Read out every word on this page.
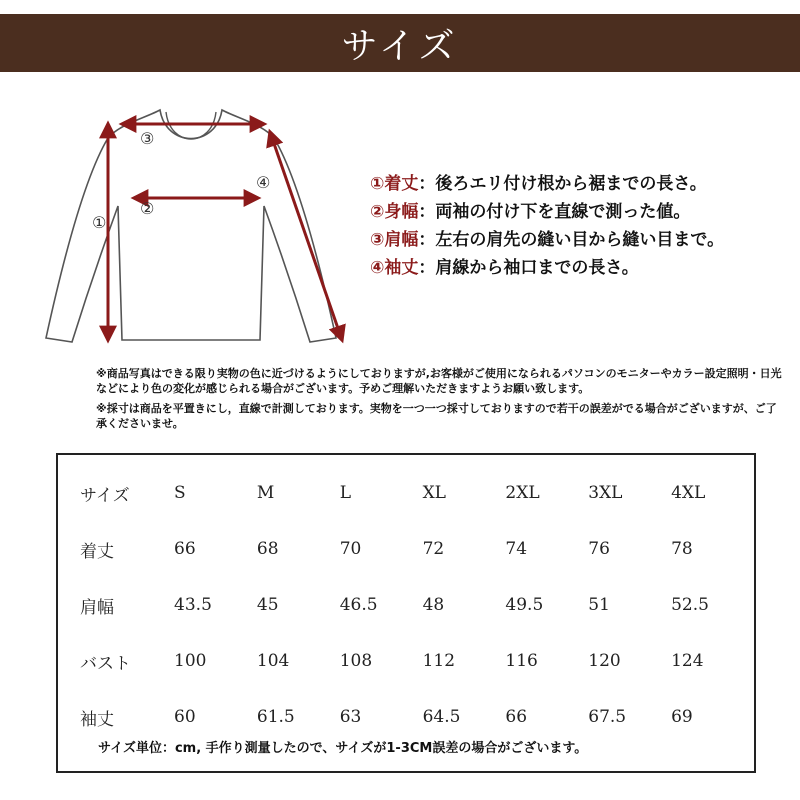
サイズ
①
②
③
④	①着丈：後ろエリ付け根から裾までの長さ。
②身幅：両袖の付け下を直線で測った値。
③肩幅：左右の肩先の縫い目から縫い目まで。
④袖丈：肩線から袖口までの長さ。

※商品写真はできる限り実物の色に近づけるようにしておりますが,お客様がご使用になられるパソコンのモニターやカラー設定照明・日光などにより色の変化が感じられる場合がございます。予めご理解いただきますようお願い致します。

※採寸は商品を平置きにし，直線で計測しております。実物を一つ一つ採寸しておりますので若干の誤差がでる場合がございますが、ご了承くださいませ。

サイズ	S	M	L	XL	2XL	3XL	4XL
着丈	66	68	70	72	74	76	78
肩幅	43.5	45	46.5	48	49.5	51	52.5
バスト	100	104	108	112	116	120	124
袖丈	60	61.5	63	64.5	66	67.5	69
サイズ単位：cm, 手作り測量したので、サイズが1-3CM誤差の場合がございます。
